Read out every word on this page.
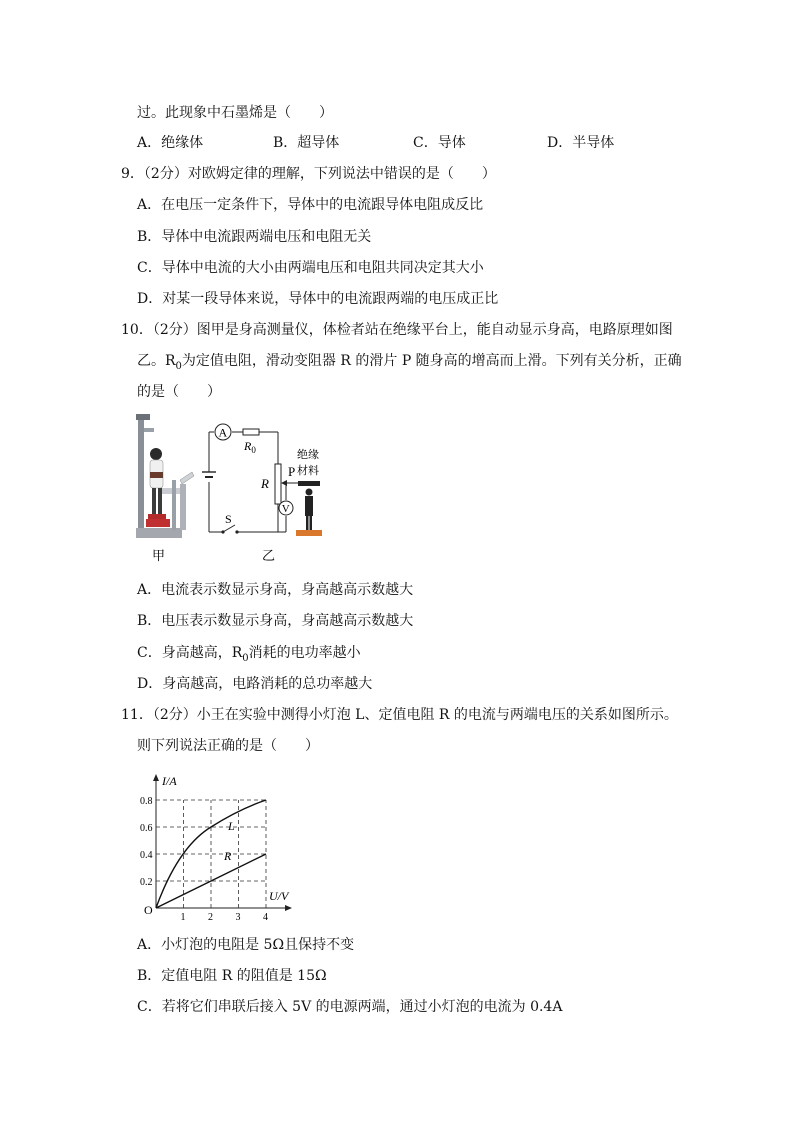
过。此现象中石墨烯是（　　）
A．绝缘体	B．超导体	C．导体	D．半导体
9．（2分）对欧姆定律的理解，下列说法中错误的是（　　）
A．在电压一定条件下，导体中的电流跟导体电阻成反比
B．导体中电流跟两端电压和电阻无关
C．导体中电流的大小由两端电压和电阻共同决定其大小
D．对某一段导体来说，导体中的电流跟两端的电压成正比
10．（2分）图甲是身高测量仪，体检者站在绝缘平台上，能自动显示身高，电路原理如图
乙。$R_0$为定值电阻，滑动变阻器 R 的滑片 P 随身高的增高而上滑。下列有关分析，正确
的是（　　）
甲
A
V
$R_0$
R
P
绝缘
材料
S
乙
A．电流表示数显示身高，身高越高示数越大
B．电压表示数显示身高，身高越高示数越大
C．身高越高，$R_0$消耗的电功率越小
D．身高越高，电路消耗的总功率越大
11．（2分）小王在实验中测得小灯泡 L、定值电阻 R 的电流与两端电压的关系如图所示。
则下列说法正确的是（　　）
0.8
0.6
0.4
0.2
1 2 3 4
I/A
U/V
O
L
R
A．小灯泡的电阻是 5Ω且保持不变
B．定值电阻 R 的阻值是 15Ω
C．若将它们串联后接入 5V 的电源两端，通过小灯泡的电流为 0.4A
